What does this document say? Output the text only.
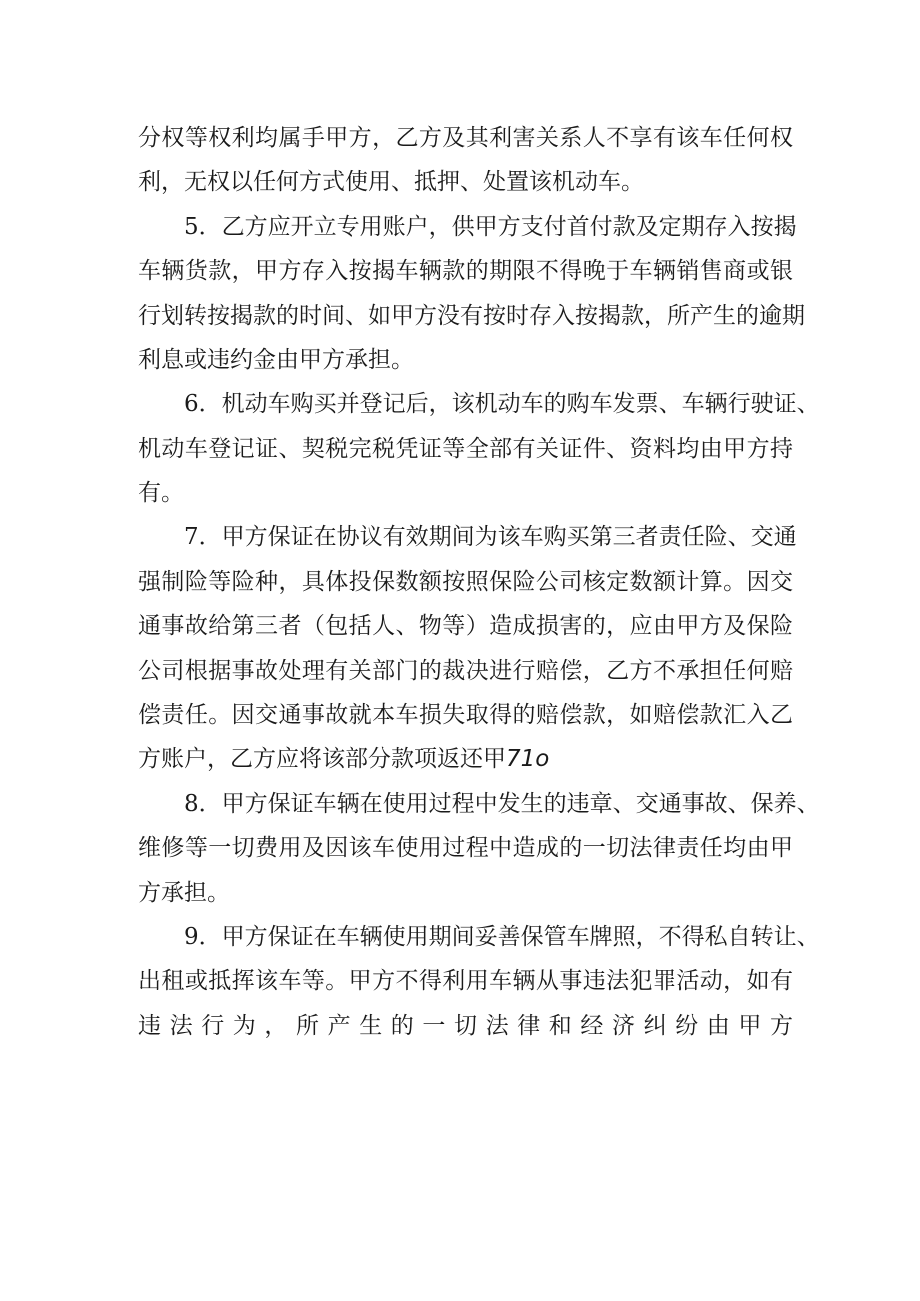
分权等权利均属手甲方，乙方及其利害关系人不享有该车任何权
利，无权以任何方式使用、抵押、处置该机动车。
5．乙方应开立专用账户，供甲方支付首付款及定期存入按揭
车辆货款，甲方存入按揭车辆款的期限不得晚于车辆销售商或银
行划转按揭款的时间、如甲方没有按时存入按揭款，所产生的逾期
利息或违约金由甲方承担。
6．机动车购买并登记后，该机动车的购车发票、车辆行驶证、
机动车登记证、契税完税凭证等全部有关证件、资料均由甲方持
有。
7．甲方保证在协议有效期间为该车购买第三者责任险、交通
强制险等险种，具体投保数额按照保险公司核定数额计算。因交
通事故给第三者（包括人、物等）造成损害的，应由甲方及保险
公司根据事故处理有关部门的裁决进行赔偿，乙方不承担任何赔
偿责任。因交通事故就本车损失取得的赔偿款，如赔偿款汇入乙
方账户，乙方应将该部分款项返还甲71o
8．甲方保证车辆在使用过程中发生的违章、交通事故、保养、
维修等一切费用及因该车使用过程中造成的一切法律责任均由甲
方承担。
9．甲方保证在车辆使用期间妥善保管车牌照，不得私自转让、
出租或抵挥该车等。甲方不得利用车辆从事违法犯罪活动，如有
违 法 行 为 ， 所 产 生 的 一 切 法 律 和 经 济 纠 纷 由 甲 方
